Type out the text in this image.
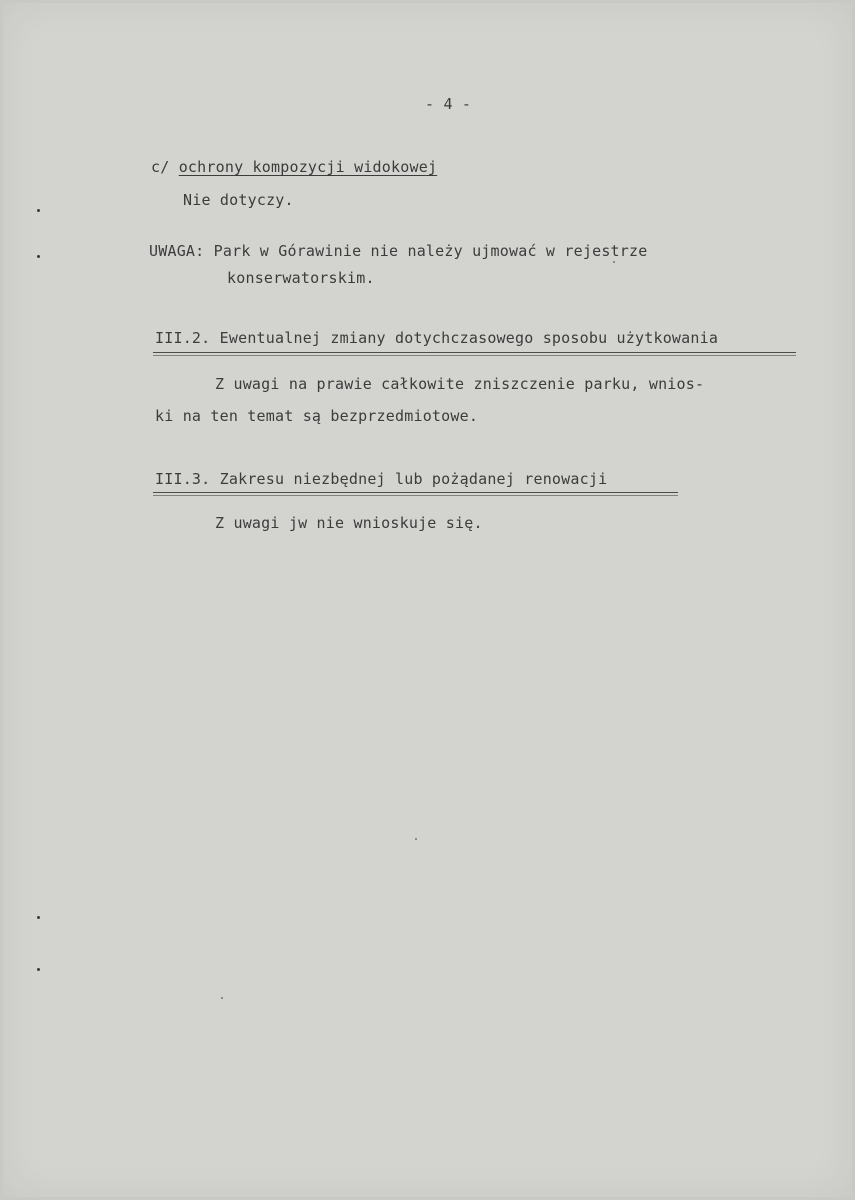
- 4 -
c/ ochrony kompozycji widokowej
Nie dotyczy.
UWAGA: Park w Górawinie nie należy ujmować w rejestrze
konserwatorskim.
III.2. Ewentualnej zmiany dotychczasowego sposobu użytkowania
Z uwagi na prawie całkowite zniszczenie parku, wnios-
ki na ten temat są bezprzedmiotowe.
III.3. Zakresu niezbędnej lub pożądanej renowacji
Z uwagi jw nie wnioskuje się.
